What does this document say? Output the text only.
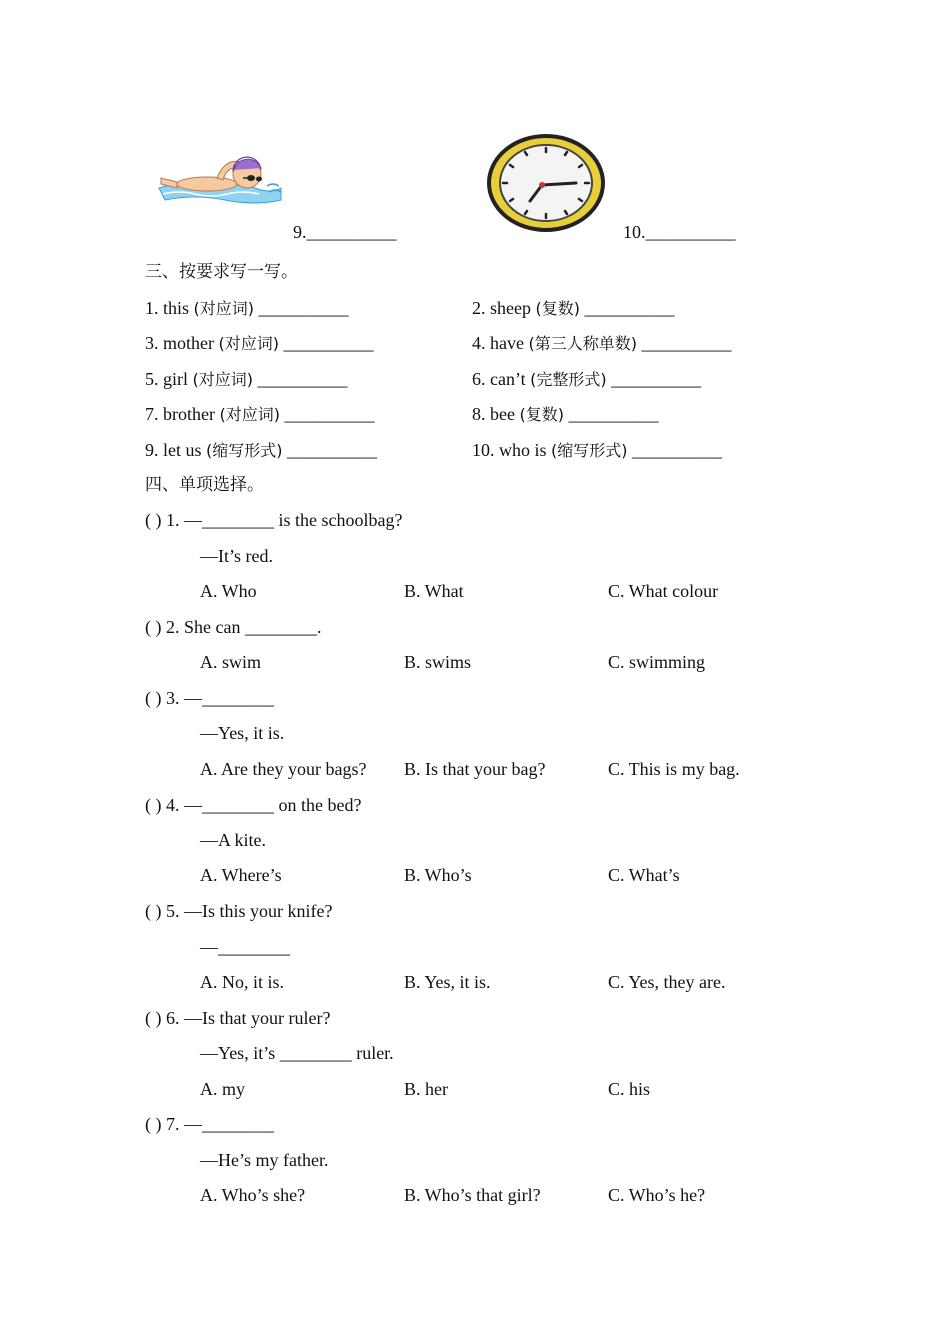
9.__________	10.__________
三、按要求写一写。
1. this (对应词) __________	2. sheep (复数) __________
3. mother (对应词) __________	4. have (第三人称单数) __________
5. girl (对应词) __________	6. can’t (完整形式) __________
7. brother (对应词) __________	8. bee (复数) __________
9. let us (缩写形式) __________	10. who is (缩写形式) __________
四、单项选择。
( ) 1. —________ is the schoolbag?
—It’s red.
A. Who	B. What	C. What colour
( ) 2. She can ________.
A. swim	B. swims	C. swimming
( ) 3. —________
—Yes, it is.
A. Are they your bags? B. Is that your bag?	C. This is my bag.
( ) 4. —________ on the bed?
—A kite.
A. Where’s	B. Who’s	C. What’s
( ) 5. —Is this your knife?
—________
A. No, it is.	B. Yes, it is.	C. Yes, they are.
( ) 6. —Is that your ruler?
—Yes, it’s ________ ruler.
A. my	B. her	C. his
( ) 7. —________
—He’s my father.
A. Who’s she?	B. Who’s that girl?	C. Who’s he?
